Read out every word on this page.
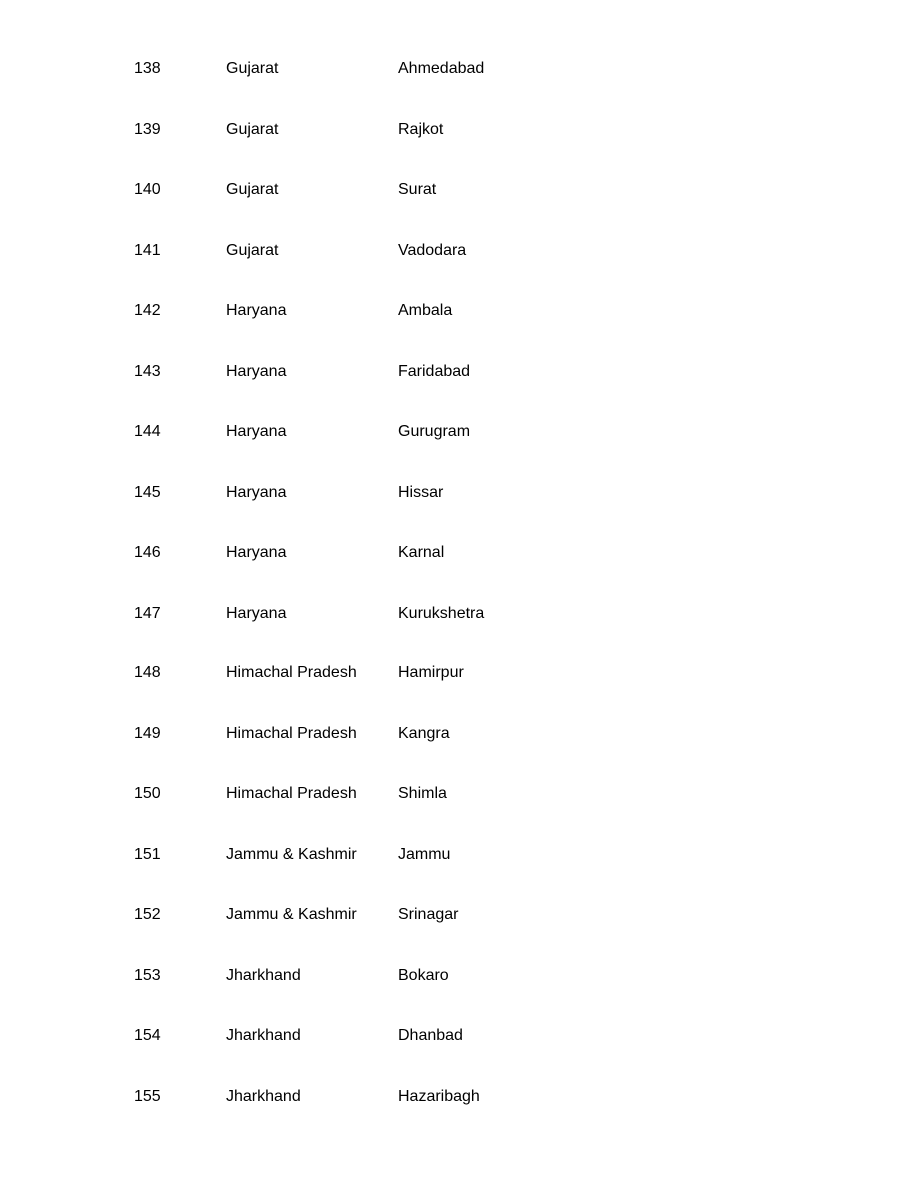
138	Gujarat	Ahmedabad
139	Gujarat	Rajkot
140	Gujarat	Surat
141	Gujarat	Vadodara
142	Haryana	Ambala
143	Haryana	Faridabad
144	Haryana	Gurugram
145	Haryana	Hissar
146	Haryana	Karnal
147	Haryana	Kurukshetra
148	Himachal Pradesh	Hamirpur
149	Himachal Pradesh	Kangra
150	Himachal Pradesh	Shimla
151	Jammu & Kashmir	Jammu
152	Jammu & Kashmir	Srinagar
153	Jharkhand	Bokaro
154	Jharkhand	Dhanbad
155	Jharkhand	Hazaribagh
